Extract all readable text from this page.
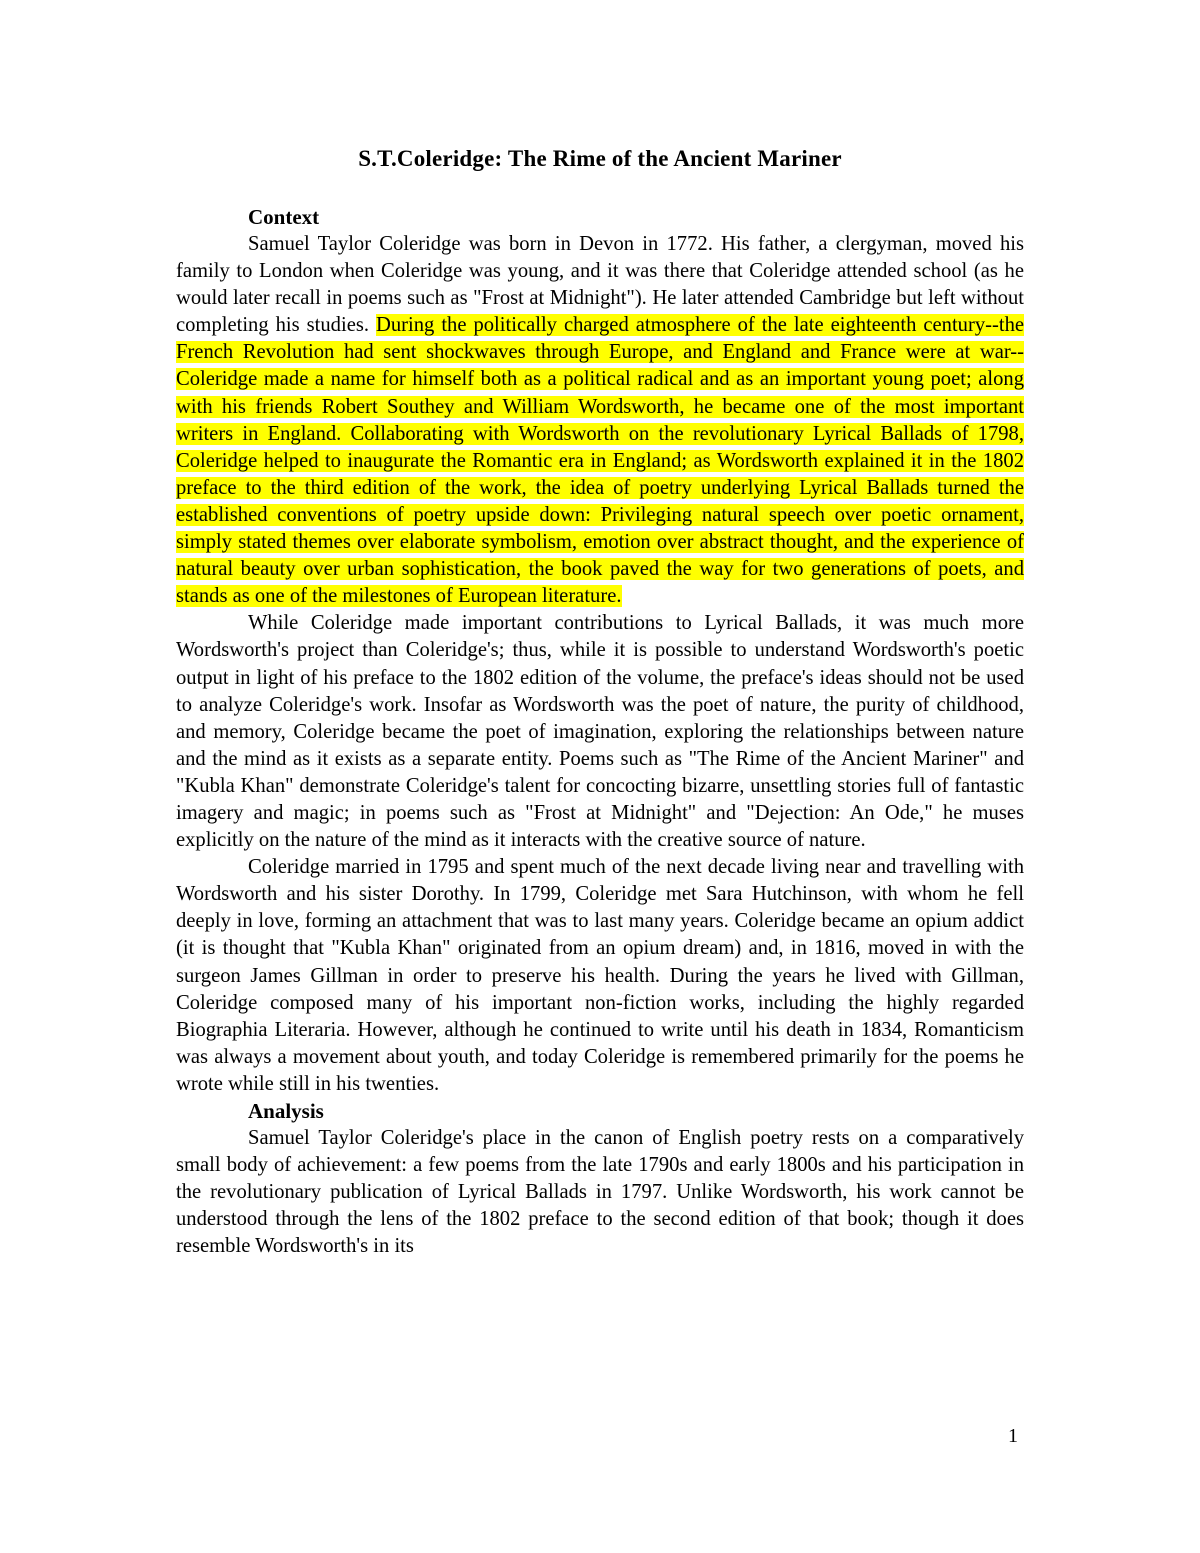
S.T.Coleridge: The Rime of the Ancient Mariner
Context

Samuel Taylor Coleridge was born in Devon in 1772. His father, a clergyman, moved his family to London when Coleridge was young, and it was there that Coleridge attended school (as he would later recall in poems such as "Frost at Midnight"). He later attended Cambridge but left without completing his studies. During the politically charged atmosphere of the late eighteenth century--the French Revolution had sent shockwaves through Europe, and England and France were at war--Coleridge made a name for himself both as a political radical and as an important young poet; along with his friends Robert Southey and William Wordsworth, he became one of the most important writers in England. Collaborating with Wordsworth on the revolutionary Lyrical Ballads of 1798, Coleridge helped to inaugurate the Romantic era in England; as Wordsworth explained it in the 1802 preface to the third edition of the work, the idea of poetry underlying Lyrical Ballads turned the established conventions of poetry upside down: Privileging natural speech over poetic ornament, simply stated themes over elaborate symbolism, emotion over abstract thought, and the experience of natural beauty over urban sophistication, the book paved the way for two generations of poets, and stands as one of the milestones of European literature.

While Coleridge made important contributions to Lyrical Ballads, it was much more Wordsworth's project than Coleridge's; thus, while it is possible to understand Wordsworth's poetic output in light of his preface to the 1802 edition of the volume, the preface's ideas should not be used to analyze Coleridge's work. Insofar as Wordsworth was the poet of nature, the purity of childhood, and memory, Coleridge became the poet of imagination, exploring the relationships between nature and the mind as it exists as a separate entity. Poems such as "The Rime of the Ancient Mariner" and "Kubla Khan" demonstrate Coleridge's talent for concocting bizarre, unsettling stories full of fantastic imagery and magic; in poems such as "Frost at Midnight" and "Dejection: An Ode," he muses explicitly on the nature of the mind as it interacts with the creative source of nature.

Coleridge married in 1795 and spent much of the next decade living near and travelling with Wordsworth and his sister Dorothy. In 1799, Coleridge met Sara Hutchinson, with whom he fell deeply in love, forming an attachment that was to last many years. Coleridge became an opium addict (it is thought that "Kubla Khan" originated from an opium dream) and, in 1816, moved in with the surgeon James Gillman in order to preserve his health. During the years he lived with Gillman, Coleridge composed many of his important non-fiction works, including the highly regarded Biographia Literaria. However, although he continued to write until his death in 1834, Romanticism was always a movement about youth, and today Coleridge is remembered primarily for the poems he wrote while still in his twenties.

Analysis

Samuel Taylor Coleridge's place in the canon of English poetry rests on a comparatively small body of achievement: a few poems from the late 1790s and early 1800s and his participation in the revolutionary publication of Lyrical Ballads in 1797. Unlike Wordsworth, his work cannot be understood through the lens of the 1802 preface to the second edition of that book; though it does resemble Wordsworth's in its

1
